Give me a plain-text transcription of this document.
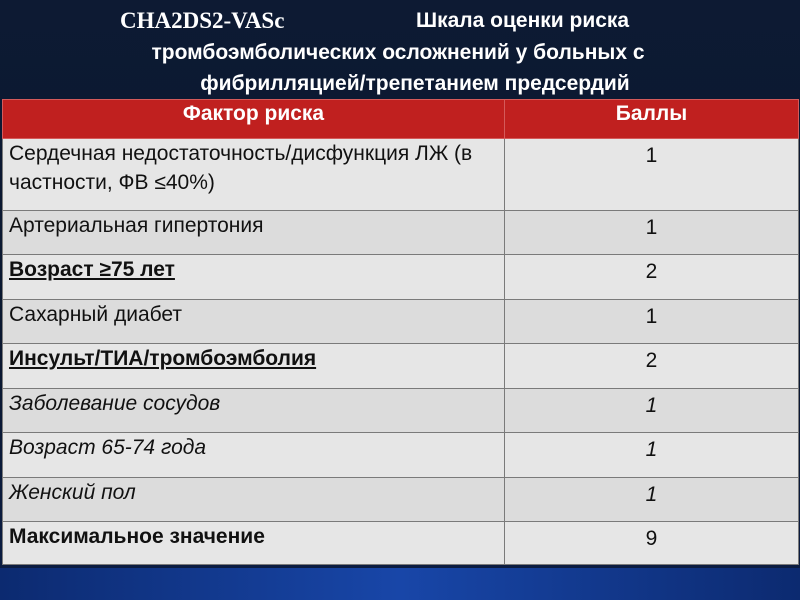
CHA2DS2-VASc	Шкала оценки риска
тромбоэмболических осложнений у больных с
фибрилляцией/трепетанием предсердий
Фактор риска	Баллы
Сердечная недостаточность/дисфункция ЛЖ (в частности, ФВ ≤40%)	1
Артериальная гипертония	1
Возраст ≥75 лет	2
Сахарный диабет	1
Инсульт/ТИА/тромбоэмболия	2
Заболевание сосудов	1
Возраст 65-74 года	1
Женский пол	1
Максимальное значение	9
